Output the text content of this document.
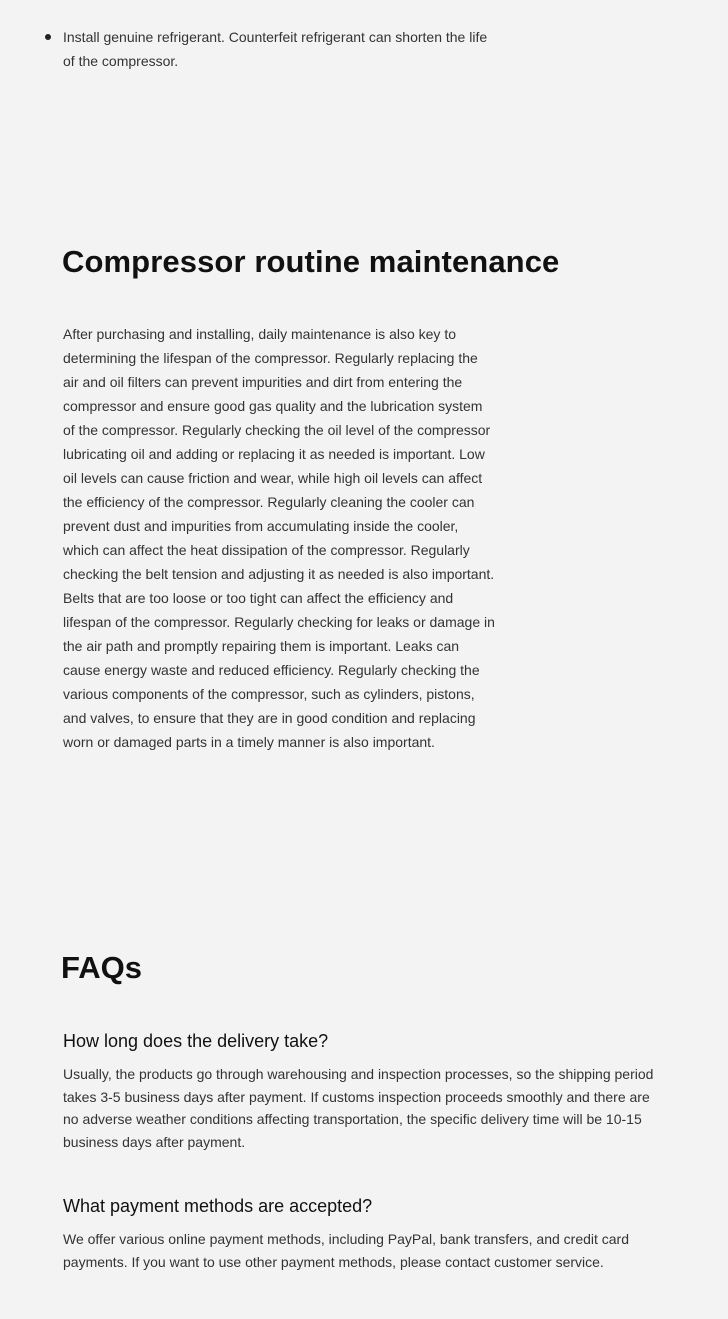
Install genuine refrigerant. Counterfeit refrigerant can shorten the life of the compressor.
Compressor routine maintenance

After purchasing and installing, daily maintenance is also key to determining the lifespan of the compressor. Regularly replacing the air and oil filters can prevent impurities and dirt from entering the compressor and ensure good gas quality and the lubrication system of the compressor. Regularly checking the oil level of the compressor lubricating oil and adding or replacing it as needed is important. Low oil levels can cause friction and wear, while high oil levels can affect the efficiency of the compressor. Regularly cleaning the cooler can prevent dust and impurities from accumulating inside the cooler, which can affect the heat dissipation of the compressor. Regularly checking the belt tension and adjusting it as needed is also important. Belts that are too loose or too tight can affect the efficiency and lifespan of the compressor. Regularly checking for leaks or damage in the air path and promptly repairing them is important. Leaks can cause energy waste and reduced efficiency. Regularly checking the various components of the compressor, such as cylinders, pistons, and valves, to ensure that they are in good condition and replacing worn or damaged parts in a timely manner is also important.

FAQs
How long does the delivery take?

Usually, the products go through warehousing and inspection processes, so the shipping period takes 3-5 business days after payment. If customs inspection proceeds smoothly and there are no adverse weather conditions affecting transportation, the specific delivery time will be 10-15 business days after payment.

What payment methods are accepted?

We offer various online payment methods, including PayPal, bank transfers, and credit card payments. If you want to use other payment methods, please contact customer service.
